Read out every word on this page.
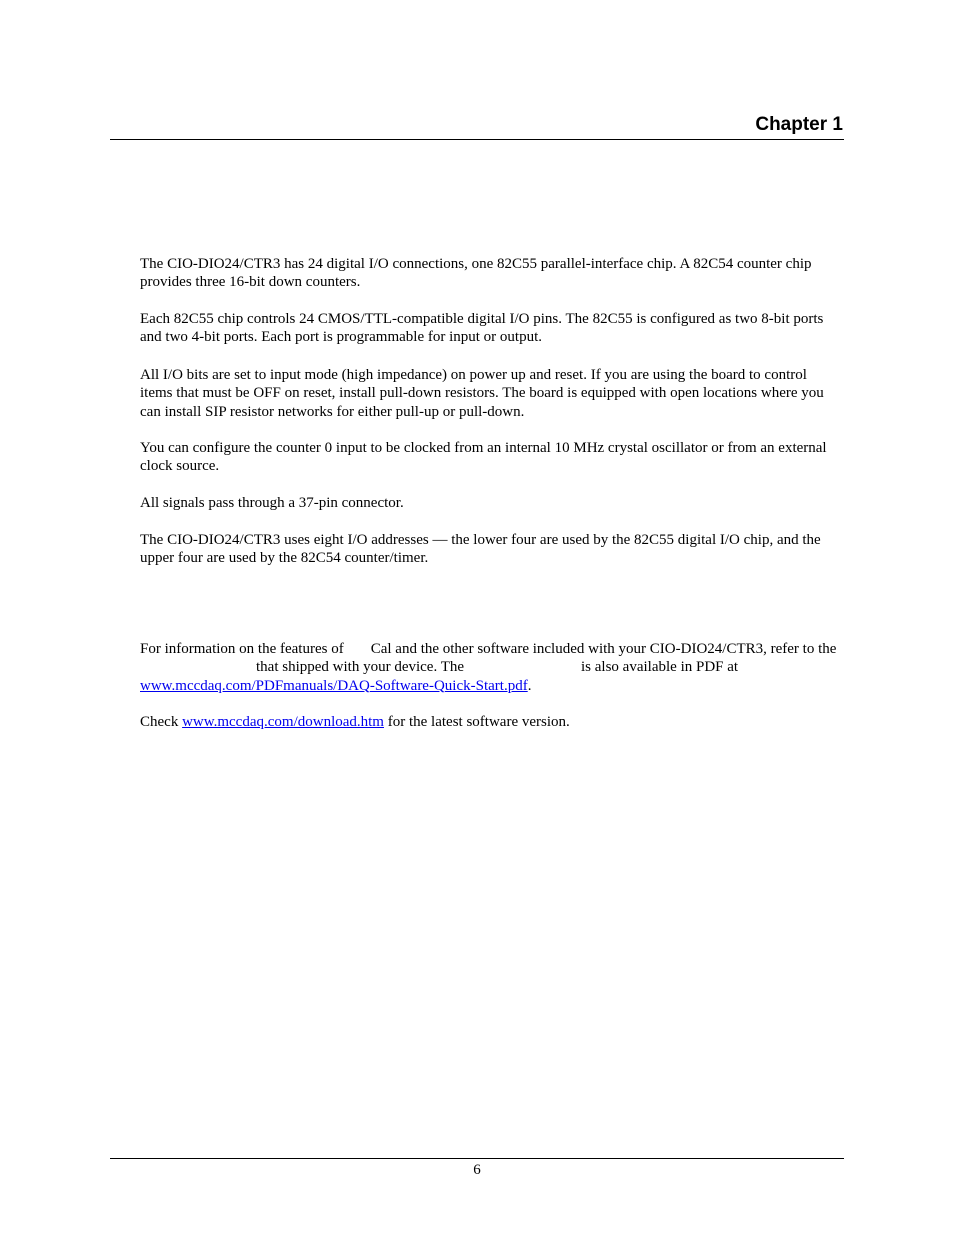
Chapter 1

The CIO-DIO24/CTR3 has 24 digital I/O connections, one 82C55 parallel-interface chip. A 82C54 counter chip provides three 16-bit down counters.

Each 82C55 chip controls 24 CMOS/TTL-compatible digital I/O pins. The 82C55 is configured as two 8-bit ports and two 4-bit ports. Each port is programmable for input or output.

All I/O bits are set to input mode (high impedance) on power up and reset. If you are using the board to control items that must be OFF on reset, install pull-down resistors. The board is equipped with open locations where you can install SIP resistor networks for either pull-up or pull-down.

You can configure the counter 0 input to be clocked from an internal 10 MHz crystal oscillator or from an external clock source.

All signals pass through a 37-pin connector.

The CIO-DIO24/CTR3 uses eight I/O addresses — the lower four are used by the 82C55 digital I/O chip, and the upper four are used by the 82C54 counter/timer.

For information on the features of Cal and the other software included with your CIO-DIO24/CTR3, refer to thethat shipped with your device. The	is also available in PDF at www.mccdaq.com/PDFmanuals/DAQ-Software-Quick-Start.pdf.

Check www.mccdaq.com/download.htm for the latest software version.

6
